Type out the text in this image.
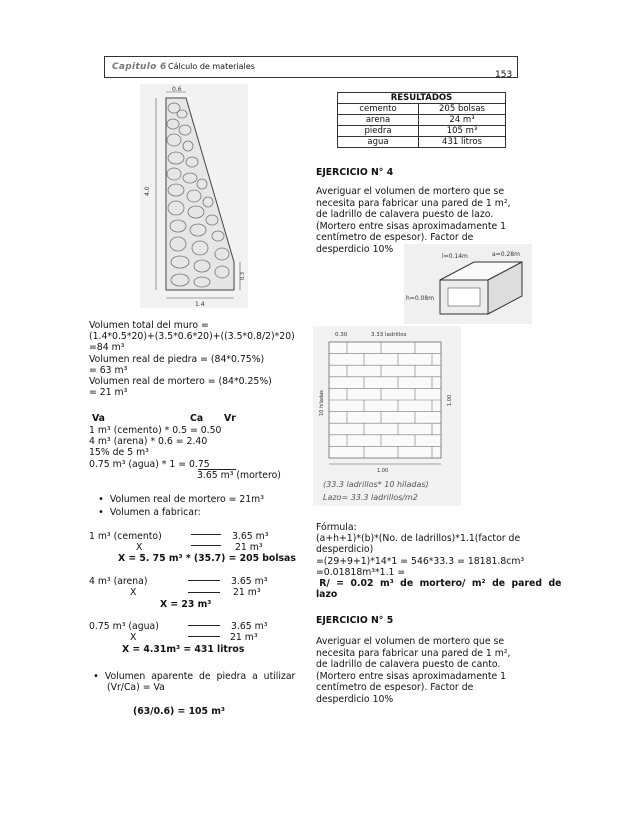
Capitulo 6 Cálculo de materiales
153
0.6
4.0
1.4
0.3
RESULTADOS	
cemento	205 bolsas
arena	24 m³
piedra	105 m³
agua	431 litros
EJERCICIO N° 4
Averiguar el volumen de mortero que se
necesita para fabricar una pared de 1 m²,
de ladrillo de calavera puesto de lazo.
(Mortero entre sisas aproximadamente 1
centímetro de espesor). Factor de
desperdicio 10%
h=0.08m
l=0.14m	a=0.28m
0.30	3.33 ladrillos
10 hiladas	1.00
1.00
(33.3 ladrillos* 10 hiladas)
Lazo= 33.3 ladrillos/m2
Volumen total del muro =
(1.4*0.5*20)+(3.5*0.6*20)+((3.5*0.8/2)*20)
=84 m³
Volumen real de piedra = (84*0.75%)
= 63 m³
Volumen real de mortero = (84*0.25%)
= 21 m³
Va	Ca Vr
1 m³ (cemento) * 0.5 = 0.50
4 m³ (arena) * 0.6 = 2.40
15% de 5 m³
0.75 m³ (agua) * 1 = 0.75
3.65 m³ (mortero)
• Volumen real de mortero = 21m³
• Volumen a fabricar:
1 m³ (cemento)	3.65 m³
X	21 m³
X = 5. 75 m³ * (35.7) = 205 bolsas
4 m³ (arena)	3.65 m³
X	21 m³
X = 23 m³
0.75 m³ (agua)	3.65 m³
X	21 m³
X = 4.31m³ = 431 litros
• Volumen  aparente  de  piedra  a  utilizar
(Vr/Ca) = Va
(63/0.6) = 105 m³
Fórmula:
(a+h+1)*(b)*(No. de ladrillos)*1.1(factor de
desperdicio)
=(29+9+1)*14*1 = 546*33.3 = 18181.8cm³
=0.01818m³*1.1 =
R/  =  0.02  m³  de  mortero/  m²  de  pared  de
lazo
EJERCICIO N° 5
Averiguar el volumen de mortero que se
necesita para fabricar una pared de 1 m²,
de ladrillo de calavera puesto de canto.
(Mortero entre sisas aproximadamente 1
centímetro de espesor). Factor de
desperdicio 10%
